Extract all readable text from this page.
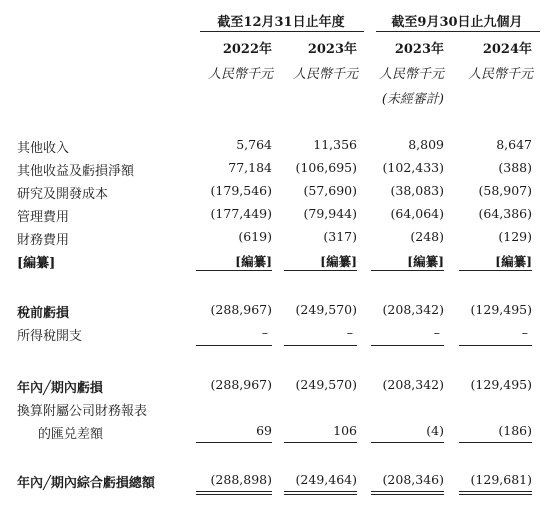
截至12月31日止年度	截至9月30日止九個月
2022年	2023年	2023年	2024年
人民幣千元	人民幣千元	人民幣千元	人民幣千元
(未經審計)
其他收入	5,764	11,356	8,809	8,647
其他收益及虧損淨額	77,184	(106,695)	(102,433)	(388)
研究及開發成本	(179,546)	(57,690)	(38,083)	(58,907)
管理費用	(177,449)	(79,944)	(64,064)	(64,386)
財務費用	(619)	(317)	(248)	(129)
[編纂]	[編纂]	[編纂]	[編纂]	[編纂]
稅前虧損	(288,967)	(249,570)	(208,342)	(129,495)
所得稅開支	–	–	–	–
年內╱期內虧損	(288,967)	(249,570)	(208,342)	(129,495)
換算附屬公司財務報表
的匯兑差額	69	106	(4)	(186)
年內╱期內綜合虧損總額	(288,898)	(249,464)	(208,346)	(129,681)
